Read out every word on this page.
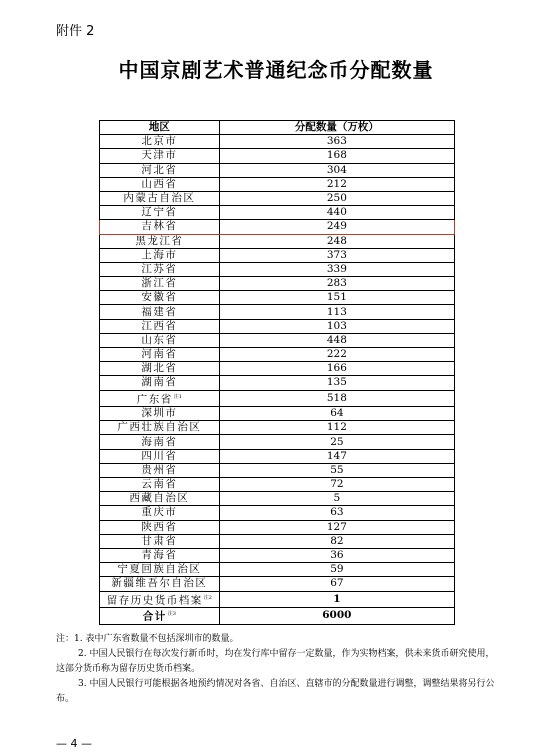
附件 2
中国京剧艺术普通纪念币分配数量
地区	分配数量（万枚）
北京市	363
天津市	168
河北省	304
山西省	212
内蒙古自治区	250
辽宁省	440
吉林省	249
黑龙江省	248
上海市	373
江苏省	339
浙江省	283
安徽省	151
福建省	113
江西省	103
山东省	448
河南省	222
湖北省	166
湖南省	135
广东省$^{注1}$	518
深圳市	64
广西壮族自治区	112
海南省	25
四川省	147
贵州省	55
云南省	72
西藏自治区	5
重庆市	63
陕西省	127
甘肃省	82
青海省	36
宁夏回族自治区	59
新疆维吾尔自治区	67
留存历史货币档案$^{注2}$	1
合计$^{注3}$	6000

注：1. 表中广东省数量不包括深圳市的数量。

2. 中国人民银行在每次发行新币时，均在发行库中留存一定数量，作为实物档案，供未来货币研究使用，这部分货币称为留存历史货币档案。

3. 中国人民银行可能根据各地预约情况对各省、自治区、直辖市的分配数量进行调整，调整结果将另行公布。

— 4 —
